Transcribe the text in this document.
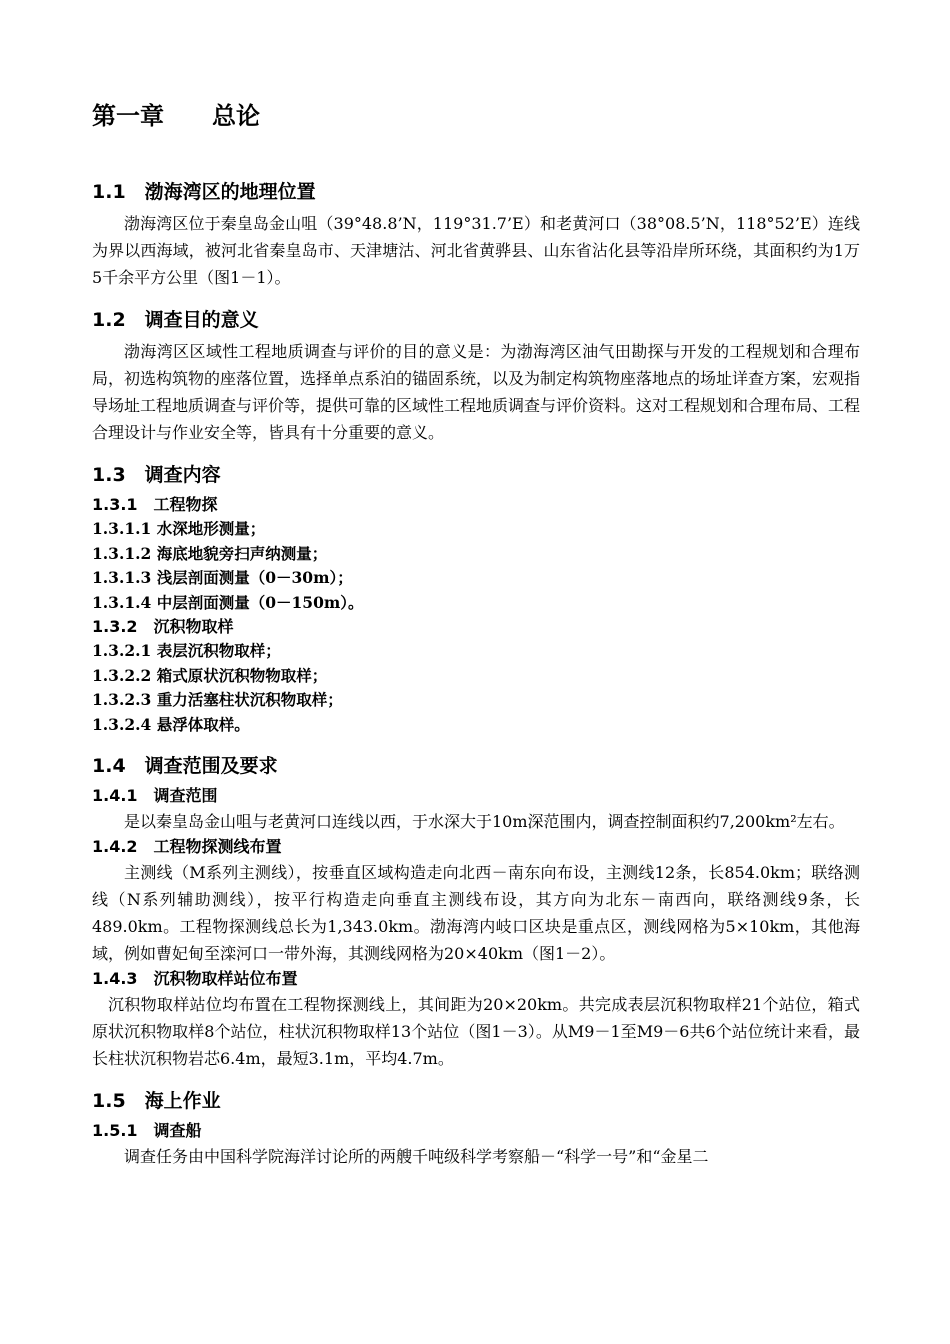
第一章　　总论
1.1　渤海湾区的地理位置

渤海湾区位于秦皇岛金山咀（39°48.8’N，119°31.7’E）和老黄河口（38°08.5’N，118°52’E）连线为界以西海域，被河北省秦皇岛市、天津塘沽、河北省黄骅县、山东省沾化县等沿岸所环绕，其面积约为1万5千余平方公里（图1－1）。

1.2　调查目的意义

渤海湾区区域性工程地质调查与评价的目的意义是：为渤海湾区油气田勘探与开发的工程规划和合理布局，初选构筑物的座落位置，选择单点系泊的锚固系统，以及为制定构筑物座落地点的场址详查方案，宏观指导场址工程地质调查与评价等，提供可靠的区域性工程地质调查与评价资料。这对工程规划和合理布局、工程合理设计与作业安全等，皆具有十分重要的意义。

1.3　调查内容
1.3.1　工程物探
1.3.1.1 水深地形测量；
1.3.1.2 海底地貌旁扫声纳测量；
1.3.1.3 浅层剖面测量（0－30m）；
1.3.1.4 中层剖面测量（0－150m）。
1.3.2　沉积物取样
1.3.2.1 表层沉积物取样；
1.3.2.2 箱式原状沉积物物取样；
1.3.2.3 重力活塞柱状沉积物取样；
1.3.2.4 悬浮体取样。
1.4　调查范围及要求
1.4.1　调查范围

是以秦皇岛金山咀与老黄河口连线以西，于水深大于10m深范围内，调查控制面积约7,200km²左右。

1.4.2　工程物探测线布置

主测线（M系列主测线），按垂直区域构造走向北西－南东向布设，主测线12条，长854.0km；联络测线（N系列辅助测线），按平行构造走向垂直主测线布设，其方向为北东－南西向，联络测线9条，长489.0km。工程物探测线总长为1,343.0km。渤海湾内岐口区块是重点区，测线网格为5×10km，其他海域，例如曹妃甸至滦河口一带外海，其测线网格为20×40km（图1－2）。

1.4.3　沉积物取样站位布置

沉积物取样站位均布置在工程物探测线上，其间距为20×20km。共完成表层沉积物取样21个站位，箱式原状沉积物取样8个站位，柱状沉积物取样13个站位（图1－3）。从M9－1至M9－6共6个站位统计来看，最长柱状沉积物岩芯6.4m，最短3.1m，平均4.7m。

1.5　海上作业
1.5.1　调查船

调查任务由中国科学院海洋讨论所的两艘千吨级科学考察船－“科学一号”和“金星二
